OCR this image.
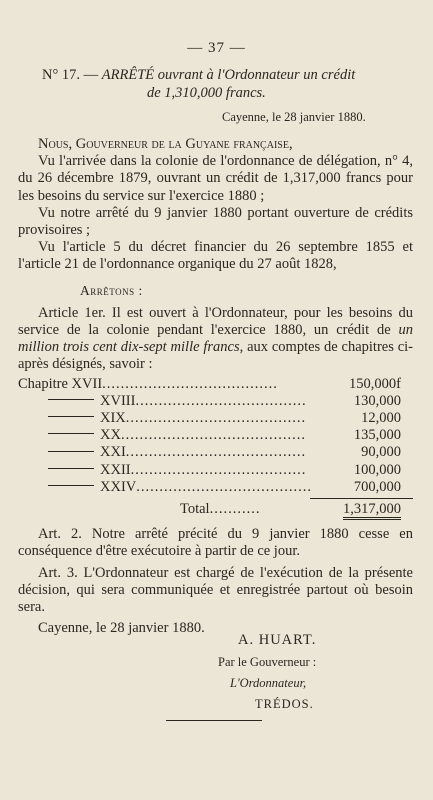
— 37 —
N° 17. — ARRÊTÉ ouvrant à l'Ordonnateur un crédit
de 1,310,000 francs.
Cayenne, le 28 janvier 1880.

Nous, Gouverneur de la Guyane française,

Vu l'arrivée dans la colonie de l'ordonnance de délégation, n° 4, du 26 décembre 1879, ouvrant un crédit de 1,317,000 francs pour les besoins du service sur l'exercice 1880 ;

Vu notre arrêté du 9 janvier 1880 portant ouverture de crédits provisoires ;

Vu l'article 5 du décret financier du 26 septembre 1855 et l'article 21 de l'ordonnance organique du 27 août 1828,

Arrêtons :

Article 1er. Il est ouvert à l'Ordonnateur, pour les besoins du service de la colonie pendant l'exercice 1880, un crédit de un million trois cent dix-sept mille francs, aux comptes de chapitres ci-après désignés, savoir :

Chapitre XVII......................................	150,000f
XVIII.....................................	130,000
XIX.......................................	12,000
XX........................................	135,000
XXI.......................................	90,000
XXII......................................	100,000
XXIV......................................	700,000
Total...........	1,317,000

Art. 2. Notre arrêté précité du 9 janvier 1880 cesse en conséquence d'être exécutoire à partir de ce jour.

Art. 3. L'Ordonnateur est chargé de l'exécution de la présente décision, qui sera communiquée et enregistrée partout où besoin sera.

Cayenne, le 28 janvier 1880.

A. HUART.
Par le Gouverneur :
L'Ordonnateur,
TRÉDOS.
